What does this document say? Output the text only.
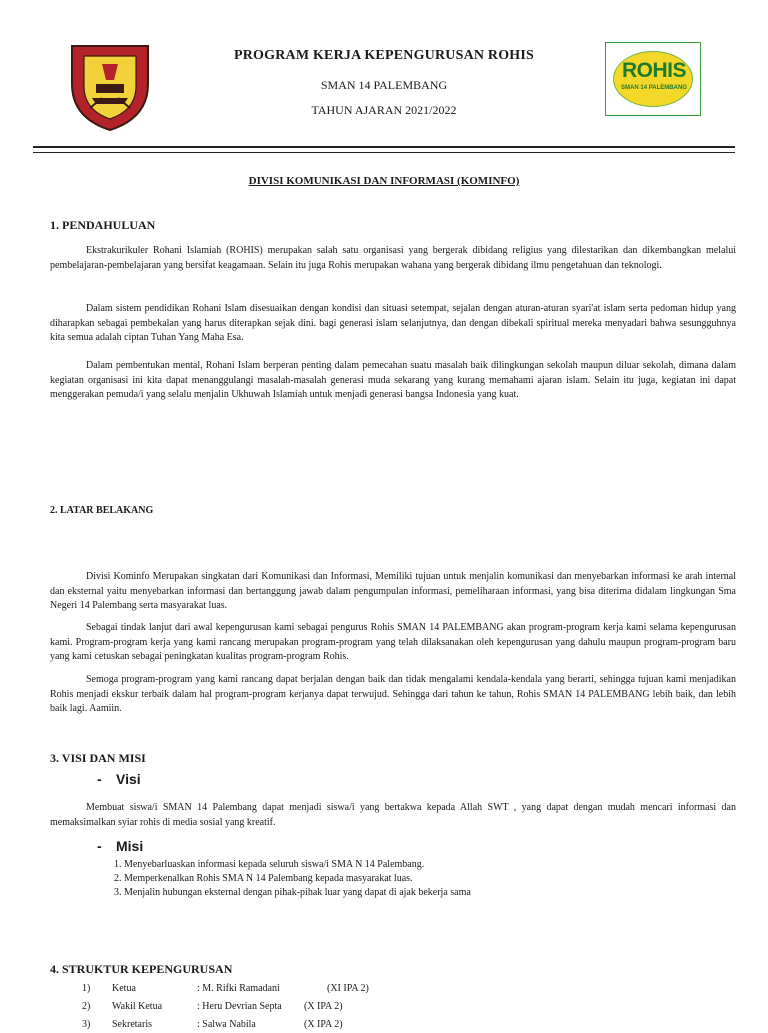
PROGRAM KERJA KEPENGURUSAN ROHIS
SMAN 14 PALEMBANG
TAHUN AJARAN 2021/2022
ROHIS
SMAN 14 PALEMBANG
DIVISI KOMUNIKASI DAN INFORMASI (KOMINFO)
1. PENDAHULUAN
Ekstrakurikuler Rohani Islamiah (ROHIS) merupakan salah satu organisasi yang bergerak dibidang religius yang dilestarikan dan dikembangkan melalui pembelajaran-pembelajaran yang bersifat keagamaan. Selain itu juga Rohis merupakan wahana yang bergerak dibidang ilmu pengetahuan dan teknologi.
Dalam sistem pendidikan Rohani Islam disesuaikan dengan kondisi dan situasi setempat, sejalan dengan aturan-aturan syari'at islam serta pedoman hidup yang diharapkan sebagai pembekalan yang harus diterapkan sejak dini. bagi generasi islam selanjutnya, dan dengan dibekali spiritual mereka menyadari bahwa sesungguhnya kita semua adalah ciptan Tuhan Yang Maha Esa.
Dalam pembentukan mental, Rohani Islam berperan penting dalam pemecahan suatu masalah baik dilingkungan sekolah maupun diluar sekolah, dimana dalam kegiatan organisasi ini kita dapat menanggulangi masalah-masalah generasi muda sekarang yang kurang memahami ajaran islam. Selain itu juga, kegiatan ini dapat menggerakan pemuda/i yang selalu menjalin Ukhuwah Islamiah untuk menjadi generasi bangsa Indonesia yang kuat.
2. LATAR BELAKANG
Divisi Kominfo Merupakan singkatan dari Komunikasi dan Informasi, Memiliki tujuan untuk menjalin komunikasi dan menyebarkan informasi ke arah internal dan eksternal yaitu menyebarkan informasi dan bertanggung jawab dalam pengumpulan informasi, pemeliharaan informasi, yang bisa diterima didalam lingkungan Sma Negeri 14 Palembang serta masyarakat luas.
Sebagai tindak lanjut dari awal kepengurusan kami sebagai pengurus Rohis SMAN 14 PALEMBANG akan program-program kerja kami selama kepengurusan kami. Program-program kerja yang kami rancang merupakan program-program yang telah dilaksanakan oleh kepengurusan yang dahulu maupun program-program baru yang kami cetuskan sebagai peningkatan kualitas program-program Rohis.
Semoga program-program yang kami rancang dapat berjalan dengan baik dan tidak mengalami kendala-kendala yang berarti, sehingga tujuan kami menjadikan Rohis menjadi ekskur terbaik dalam hal program-program kerjanya dapat terwujud. Sehingga dari tahun ke tahun, Rohis SMAN 14 PALEMBANG lebih baik, dan lebih baik lagi. Aamiin.
3. VISI DAN MISI
- Visi
Membuat siswa/i SMAN 14 Palembang dapat menjadi siswa/i yang bertakwa kepada Allah SWT , yang dapat dengan mudah mencari informasi dan memaksimalkan syiar rohis di media sosial yang kreatif.
- Misi
1. Menyebarluaskan informasi kepada seluruh siswa/i SMA N 14 Palembang.
2. Memperkenalkan Rohis SMA N 14 Palembang kepada masyarakat luas.
3. Menjalin hubungan eksternal dengan pihak-pihak luar yang dapat di ajak bekerja sama
4. STRUKTUR KEPENGURUSAN
1) Ketua	: M. Rifki Ramadani	(XI IPA 2)
2) Wakil Ketua	: Heru Devrian Septa (X IPA 2)
3) Sekretaris	: Salwa Nabila	(X IPA 2)
